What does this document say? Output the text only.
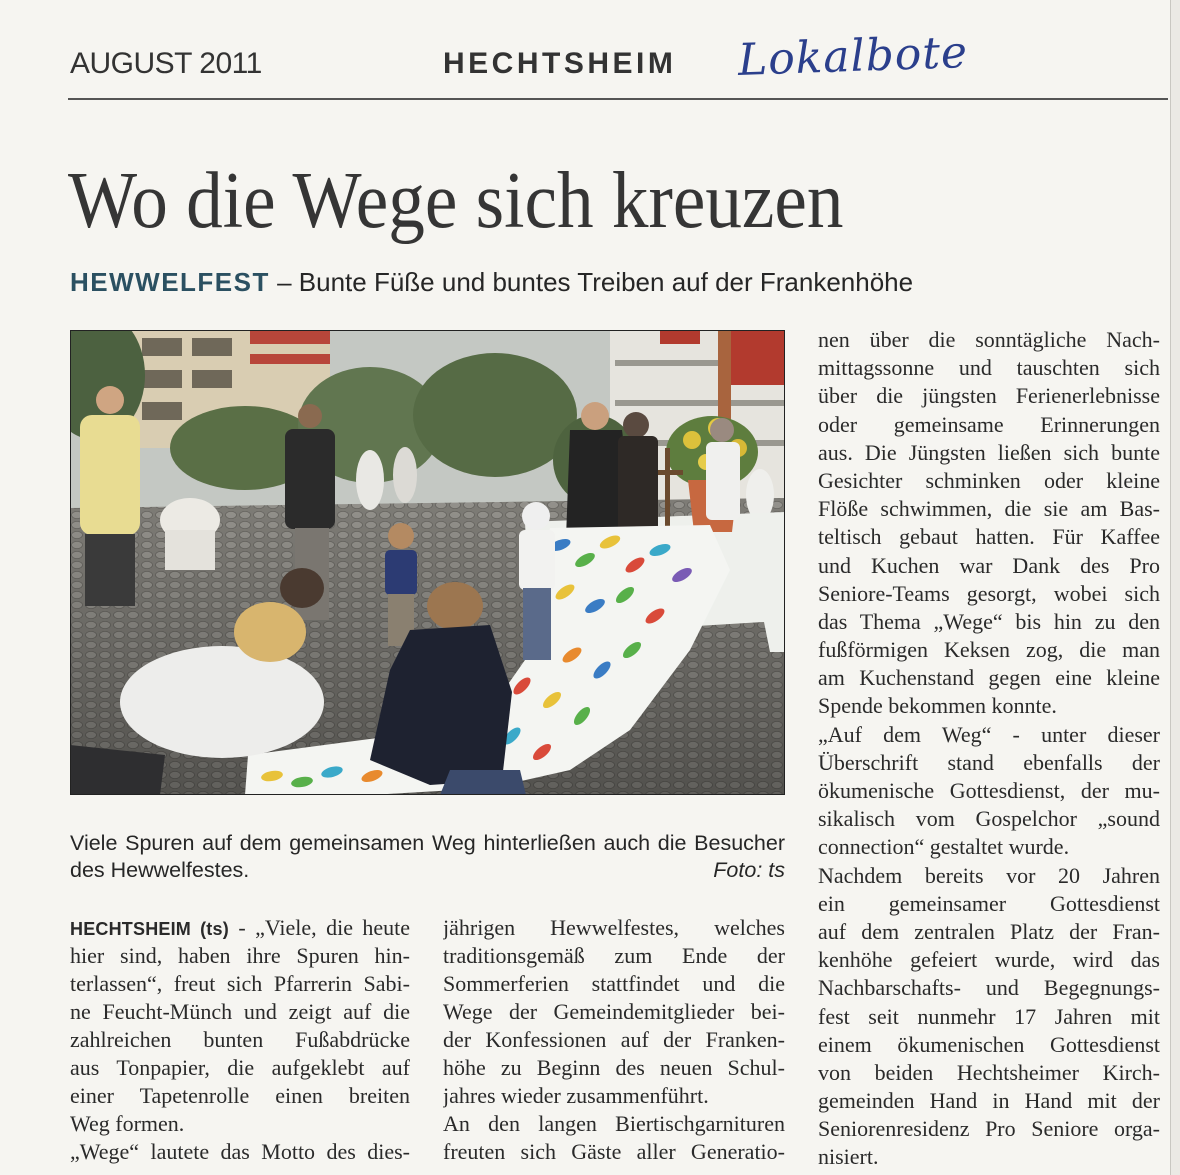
AUGUST 2011	HECHTSHEIM Lokalbote
Wo die Wege sich kreuzen
HEWWELFEST – Bunte Füße und buntes Treiben auf der Frankenhöhe
Viele Spuren auf dem gemeinsamen Weg hinterließen auch die Besucher
des Hewwelfestes.	Foto: ts
HECHTSHEIM (ts) - „Viele, die heute
hier sind, haben ihre Spuren hin-
terlassen“, freut sich Pfarrerin Sabi-
ne Feucht-Münch und zeigt auf die
zahlreichen bunten Fußabdrücke
aus Tonpapier, die aufgeklebt auf
einer Tapetenrolle einen breiten
Weg formen.
„Wege“ lautete das Motto des dies-
jährigen Hewwelfestes, welches
traditionsgemäß zum Ende der
Sommerferien stattfindet und die
Wege der Gemeindemitglieder bei-
der Konfessionen auf der Franken-
höhe zu Beginn des neuen Schul-
jahres wieder zusammenführt.
An den langen Biertischgarnituren
freuten sich Gäste aller Generatio-
nen über die sonntägliche Nach-
mittagssonne und tauschten sich
über die jüngsten Ferienerlebnisse
oder gemeinsame Erinnerungen
aus. Die Jüngsten ließen sich bunte
Gesichter schminken oder kleine
Flöße schwimmen, die sie am Bas-
teltisch gebaut hatten. Für Kaffee
und Kuchen war Dank des Pro
Seniore-Teams gesorgt, wobei sich
das Thema „Wege“ bis hin zu den
fußförmigen Keksen zog, die man
am Kuchenstand gegen eine kleine
Spende bekommen konnte.
„Auf dem Weg“ - unter dieser
Überschrift stand ebenfalls der
ökumenische Gottesdienst, der mu-
sikalisch vom Gospelchor „sound
connection“ gestaltet wurde.
Nachdem bereits vor 20 Jahren
ein gemeinsamer Gottesdienst
auf dem zentralen Platz der Fran-
kenhöhe gefeiert wurde, wird das
Nachbarschafts- und Begegnungs-
fest seit nunmehr 17 Jahren mit
einem ökumenischen Gottesdienst
von beiden Hechtsheimer Kirch-
gemeinden Hand in Hand mit der
Seniorenresidenz Pro Seniore orga-
nisiert.
